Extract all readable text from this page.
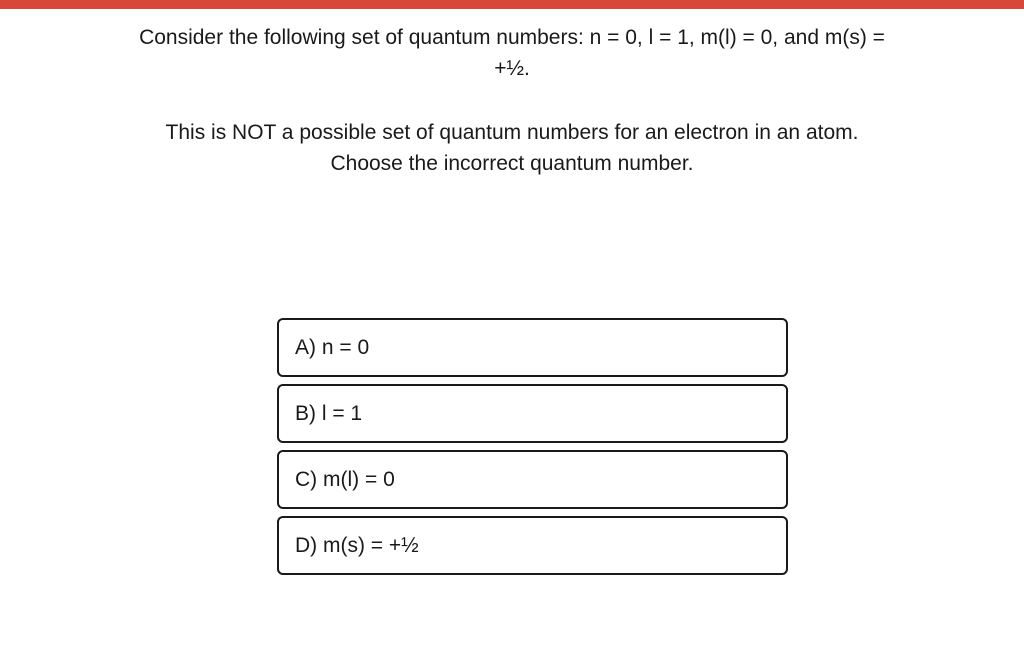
Consider the following set of quantum numbers: n = 0, l = 1, m(l) = 0, and m(s) =
+½.
This is NOT a possible set of quantum numbers for an electron in an atom.
Choose the incorrect quantum number.
A) n = 0
B) l = 1
C) m(l) = 0
D) m(s) = +½
